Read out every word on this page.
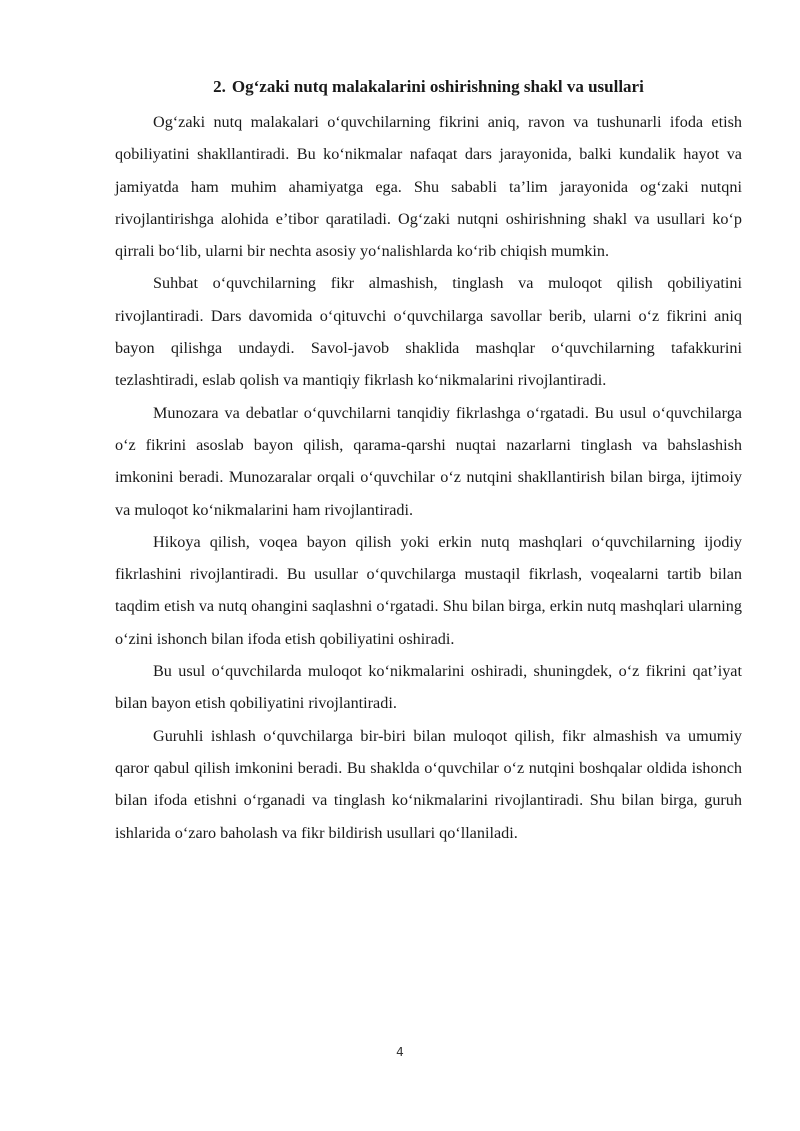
2. Og‘zaki nutq malakalarini oshirishning shakl va usullari

Og‘zaki nutq malakalari o‘quvchilarning fikrini aniq, ravon va tushunarli ifoda etish qobiliyatini shakllantiradi. Bu ko‘nikmalar nafaqat dars jarayonida, balki kundalik hayot va jamiyatda ham muhim ahamiyatga ega. Shu sababli ta’lim jarayonida og‘zaki nutqni rivojlantirishga alohida e’tibor qaratiladi. Og‘zaki nutqni oshirishning shakl va usullari ko‘p qirrali bo‘lib, ularni bir nechta asosiy yo‘nalishlarda ko‘rib chiqish mumkin.

Suhbat o‘quvchilarning fikr almashish, tinglash va muloqot qilish qobiliyatini rivojlantiradi. Dars davomida o‘qituvchi o‘quvchilarga savollar berib, ularni o‘z fikrini aniq bayon qilishga undaydi. Savol-javob shaklida mashqlar o‘quvchilarning tafakkurini tezlashtiradi, eslab qolish va mantiqiy fikrlash ko‘nikmalarini rivojlantiradi.

Munozara va debatlar o‘quvchilarni tanqidiy fikrlashga o‘rgatadi. Bu usul o‘quvchilarga o‘z fikrini asoslab bayon qilish, qarama-qarshi nuqtai nazarlarni tinglash va bahslashish imkonini beradi. Munozaralar orqali o‘quvchilar o‘z nutqini shakllantirish bilan birga, ijtimoiy va muloqot ko‘nikmalarini ham rivojlantiradi.

Hikoya qilish, voqea bayon qilish yoki erkin nutq mashqlari o‘quvchilarning ijodiy fikrlashini rivojlantiradi. Bu usullar o‘quvchilarga mustaqil fikrlash, voqealarni tartib bilan taqdim etish va nutq ohangini saqlashni o‘rgatadi. Shu bilan birga, erkin nutq mashqlari ularning o‘zini ishonch bilan ifoda etish qobiliyatini oshiradi.

Bu usul o‘quvchilarda muloqot ko‘nikmalarini oshiradi, shuningdek, o‘z fikrini qat’iyat bilan bayon etish qobiliyatini rivojlantiradi.

Guruhli ishlash o‘quvchilarga bir-biri bilan muloqot qilish, fikr almashish va umumiy qaror qabul qilish imkonini beradi. Bu shaklda o‘quvchilar o‘z nutqini boshqalar oldida ishonch bilan ifoda etishni o‘rganadi va tinglash ko‘nikmalarini rivojlantiradi. Shu bilan birga, guruh ishlarida o‘zaro baholash va fikr bildirish usullari qo‘llaniladi.

4
